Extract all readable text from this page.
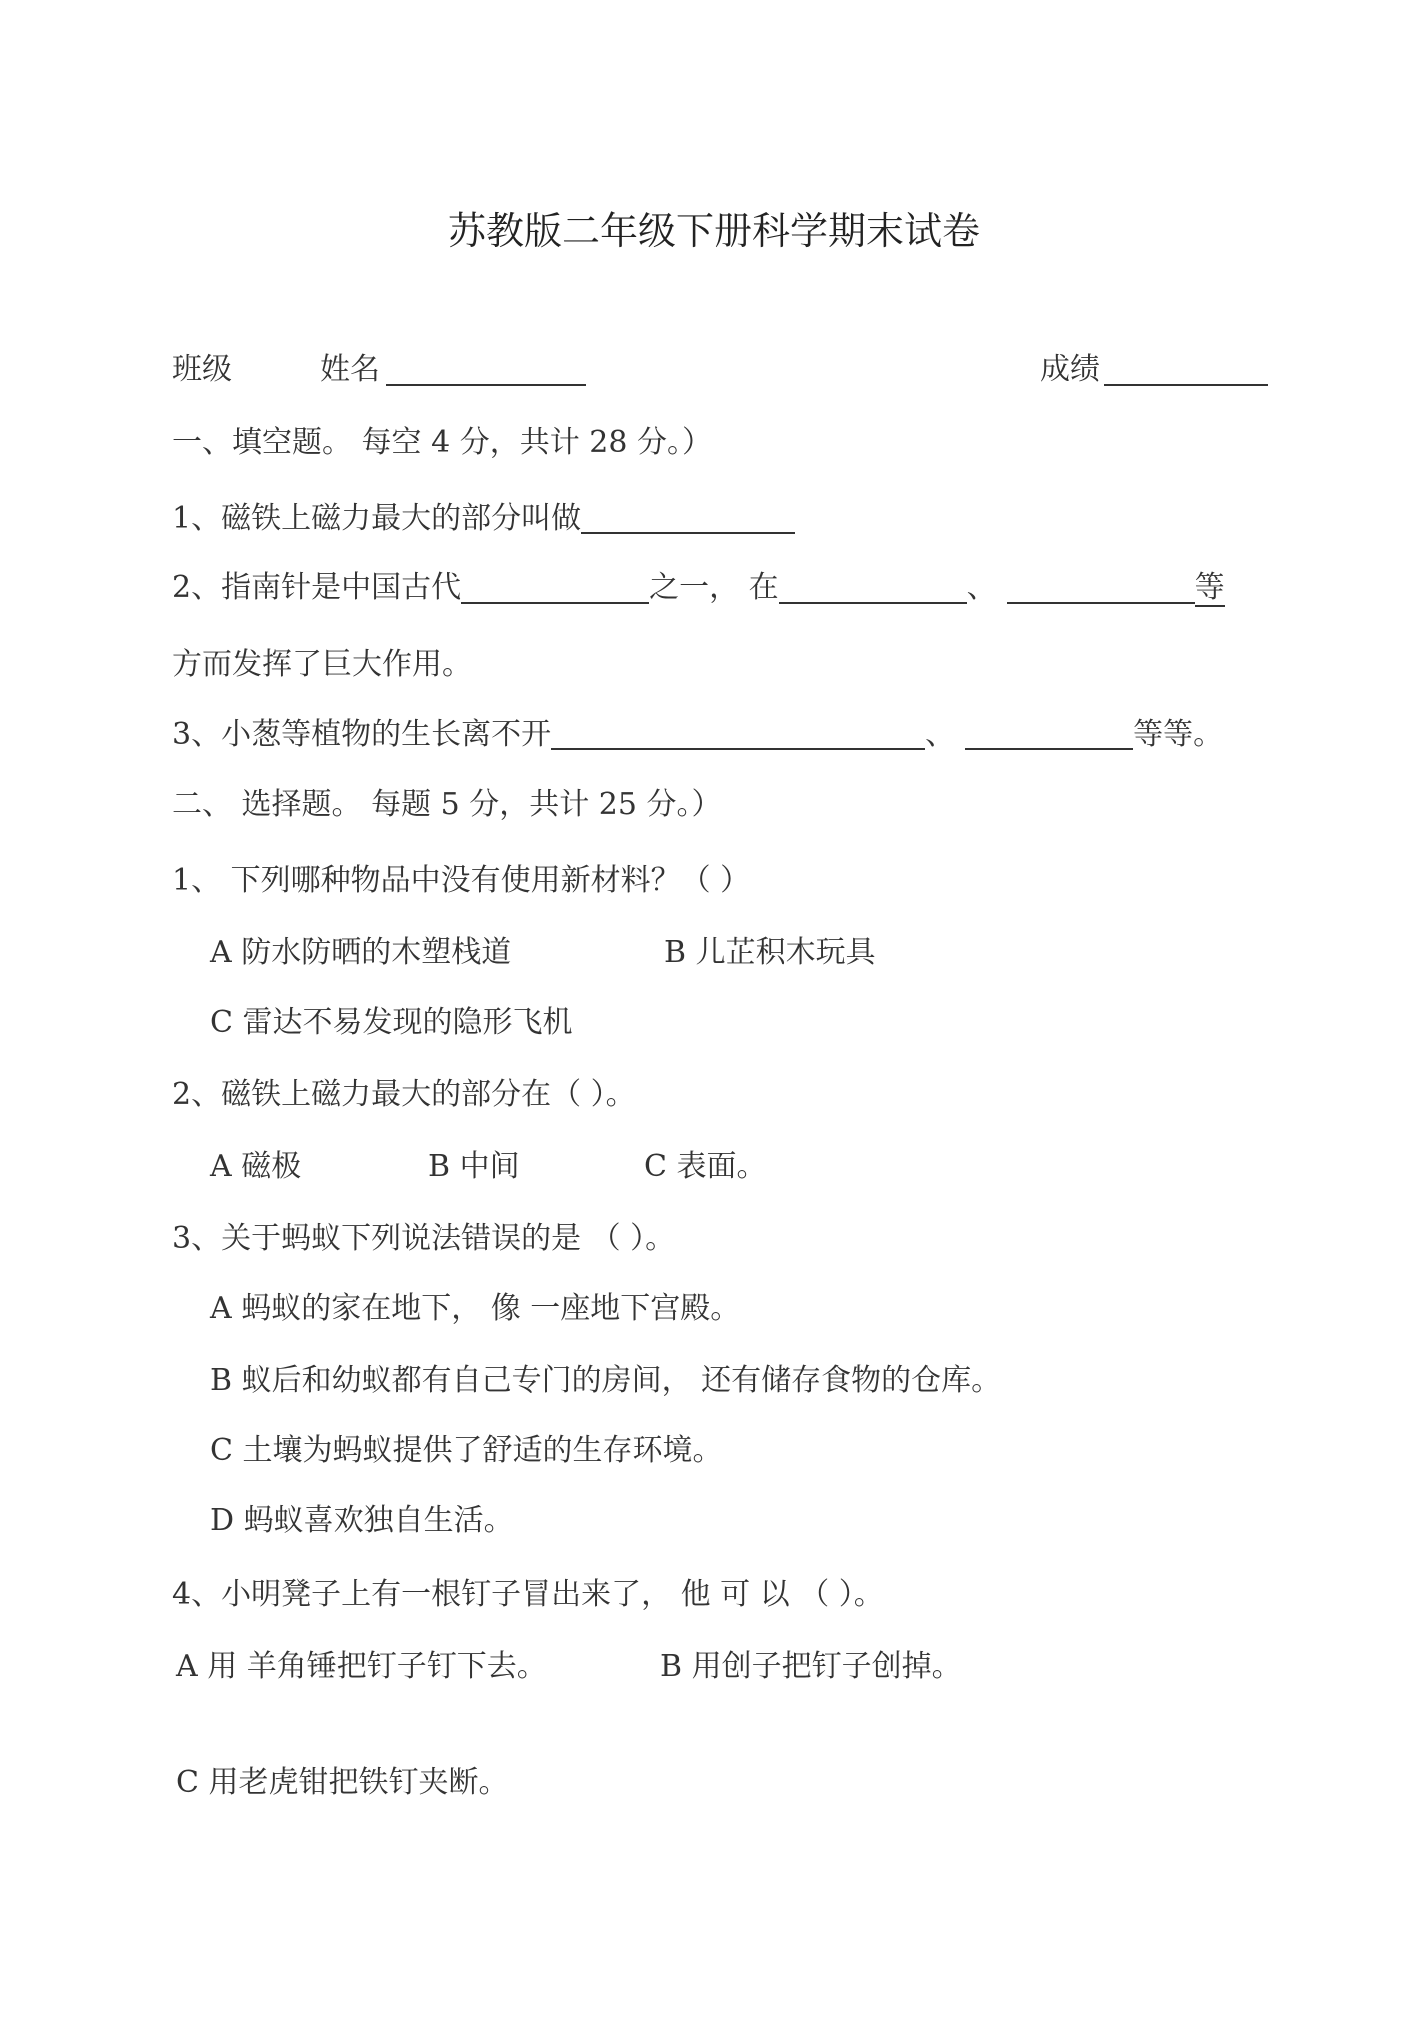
苏教版二年级下册科学期末试卷
班级	姓名	成绩
一、填空题。 每空 4 分，共计 28 分。）
1、磁铁上磁力最大的部分叫做
2、指南针是中国古代	之一， 在	、	等
方而发挥了巨大作用。
3、小葱等植物的生长离不开	、	等等。
二、 选择题。 每题 5 分，共计 25 分。）
1、 下列哪种物品中没有使用新材料？（ ）
A 防水防晒的木塑栈道	B 儿芷积木玩具
C 雷达不易发现的隐形飞机
2、磁铁上磁力最大的部分在（ ）。
A 磁极	B 中间	C 表面。
3、关于蚂蚁下列说法错误的是 （ ）。
A 蚂蚁的家在地下， 像 一座地下宫殿。
B 蚁后和幼蚁都有自己专门的房间， 还有储存食物的仓库。
C 土壤为蚂蚁提供了舒适的生存环境。
D 蚂蚁喜欢独自生活。
4、小明凳子上有一根钉子冒出来了， 他 可 以 （ ）。
A 用 羊角锤把钉子钉下去。	B 用创子把钉子创掉。
C 用老虎钳把铁钉夹断。
